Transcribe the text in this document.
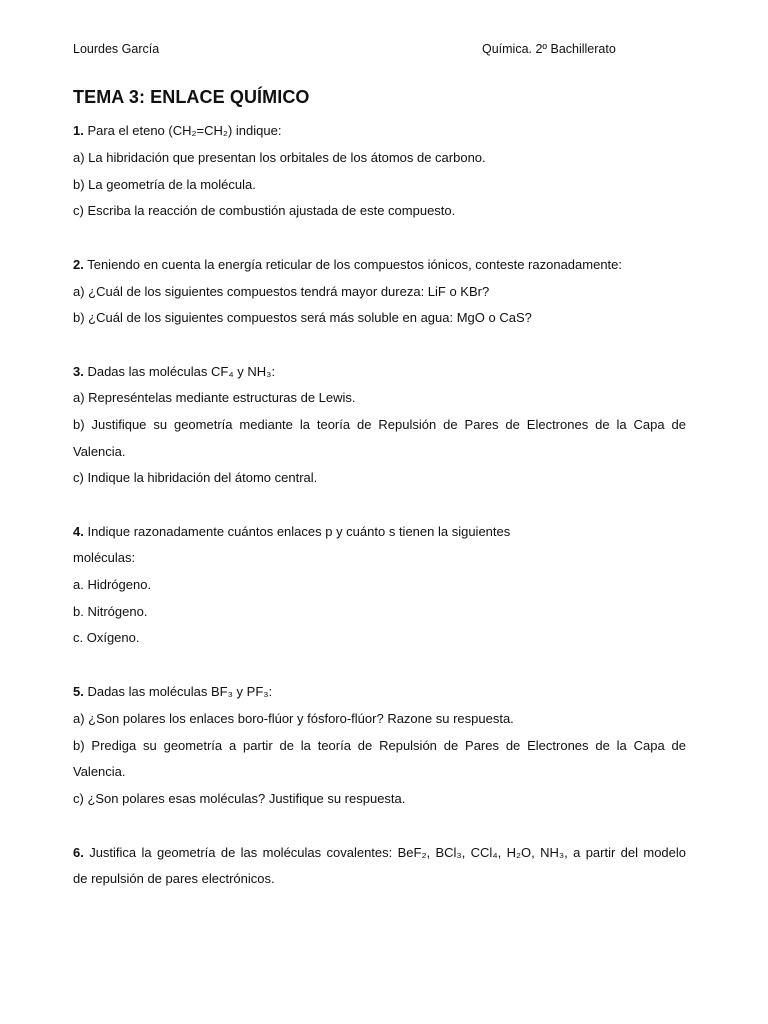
Lourdes García	Química. 2º Bachillerato
TEMA 3: ENLACE QUÍMICO
1. Para el eteno (CH₂=CH₂) indique:
a) La hibridación que presentan los orbitales de los átomos de carbono.
b) La geometría de la molécula.
c) Escriba la reacción de combustión ajustada de este compuesto.
2. Teniendo en cuenta la energía reticular de los compuestos iónicos, conteste razonadamente:
a) ¿Cuál de los siguientes compuestos tendrá mayor dureza: LiF o KBr?
b) ¿Cuál de los siguientes compuestos será más soluble en agua: MgO o CaS?
3. Dadas las moléculas CF₄ y NH₃:
a) Represéntelas mediante estructuras de Lewis.
b) Justifique su geometría mediante la teoría de Repulsión de Pares de Electrones de la Capa de
Valencia.
c) Indique la hibridación del átomo central.
4. Indique razonadamente cuántos enlaces p y cuánto s tienen la siguientes
moléculas:
a. Hidrógeno.
b. Nitrógeno.
c. Oxígeno.
5. Dadas las moléculas BF₃ y PF₃:
a) ¿Son polares los enlaces boro-flúor y fósforo-flúor? Razone su respuesta.
b) Prediga su geometría a partir de la teoría de Repulsión de Pares de Electrones de la Capa de
Valencia.
c) ¿Son polares esas moléculas? Justifique su respuesta.
6. Justifica la geometría de las moléculas covalentes: BeF₂, BCl₃, CCl₄, H₂O, NH₃, a partir del modelo
de repulsión de pares electrónicos.
